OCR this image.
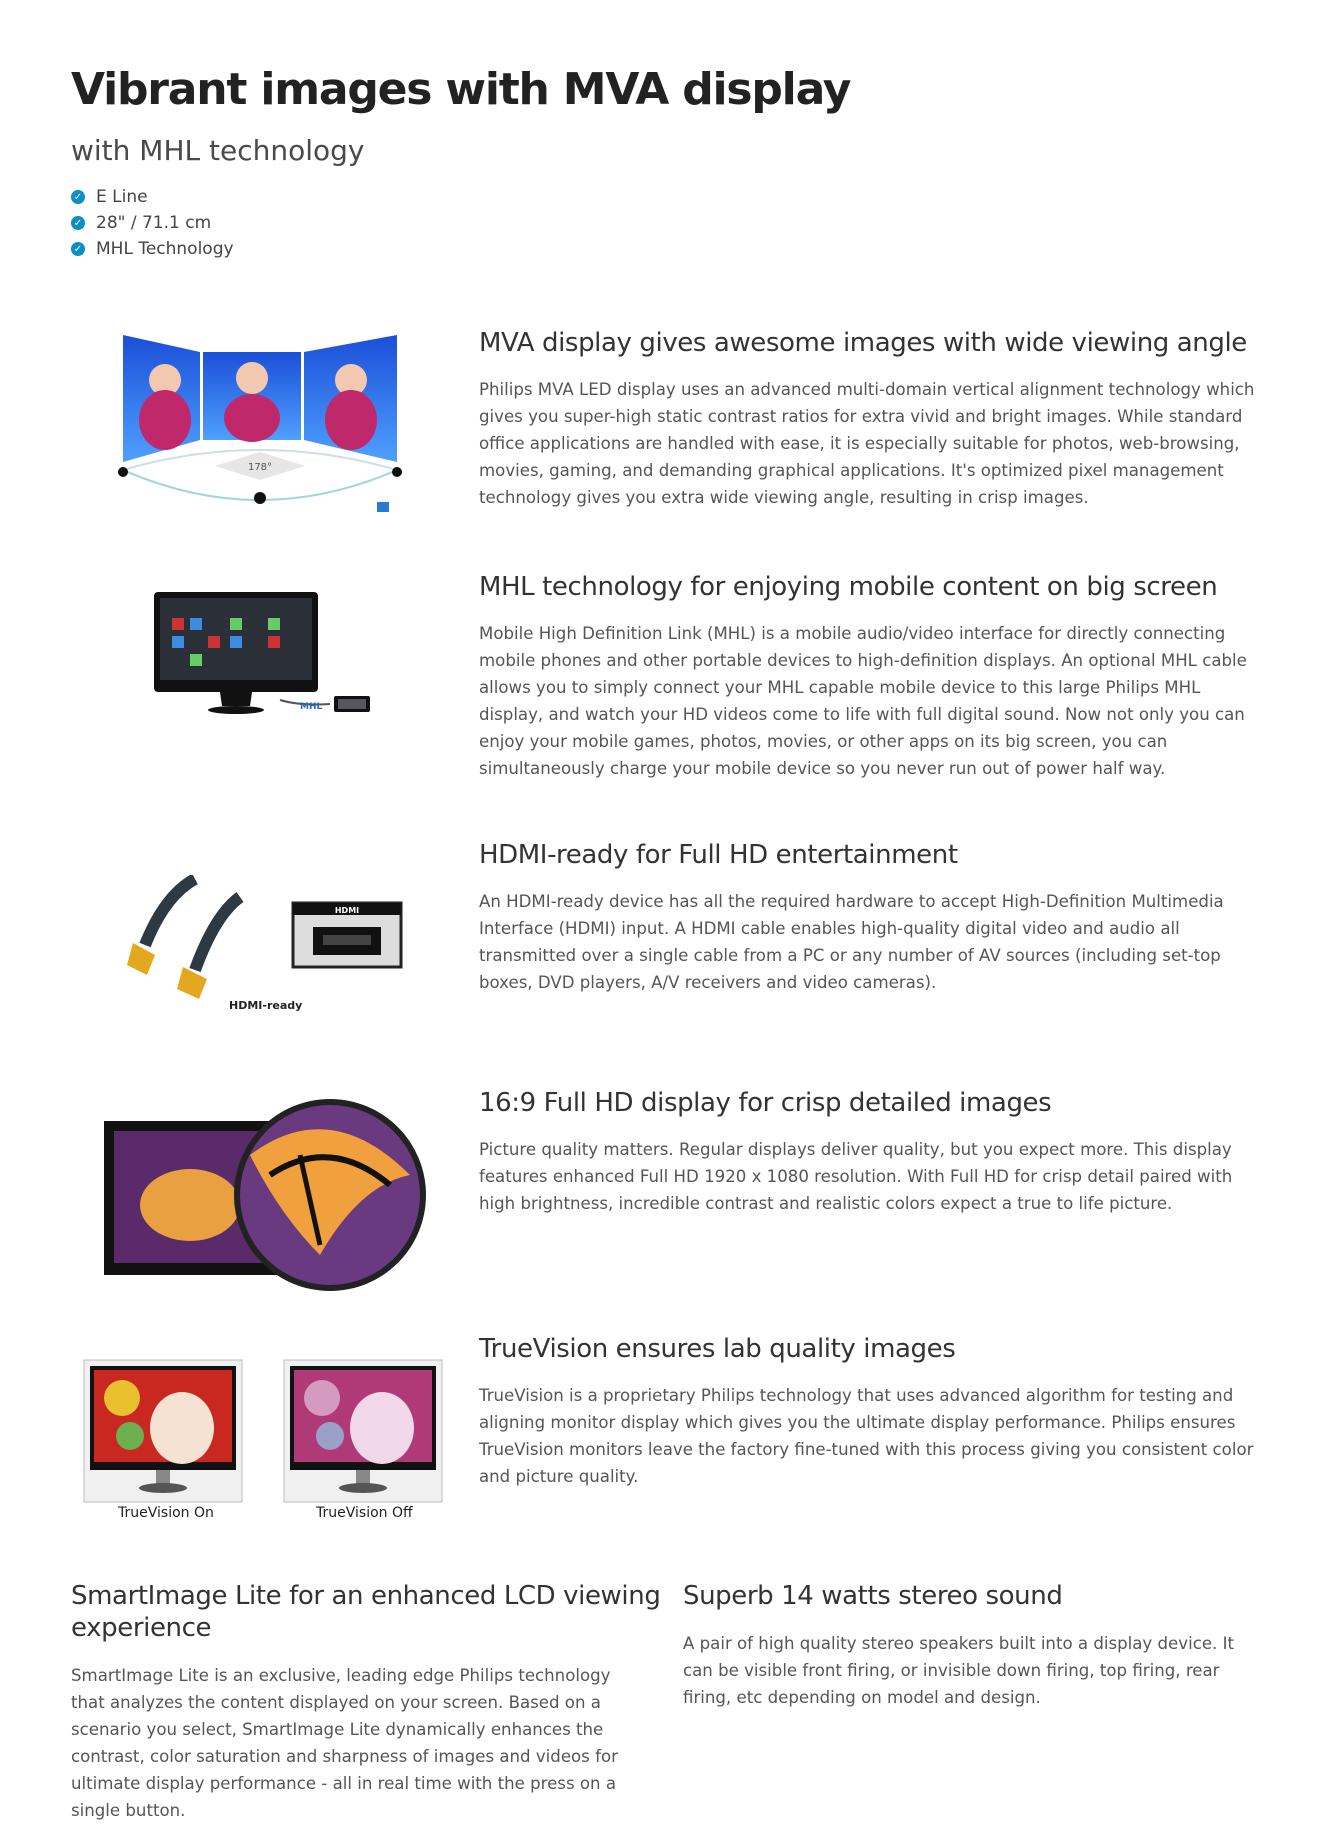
Vibrant images with MVA display
with MHL technology
✓ E Line
✓ 28" / 71.1 cm
✓ MHL Technology
178°
MVA display gives awesome images with wide viewing angle

Philips MVA LED display uses an advanced multi-domain vertical alignment technology which gives you super-high static contrast ratios for extra vivid and bright images. While standard office applications are handled with ease, it is especially suitable for photos, web-browsing, movies, gaming, and demanding graphical applications. It's optimized pixel management technology gives you extra wide viewing angle, resulting in crisp images.

MHL
MHL technology for enjoying mobile content on big screen

Mobile High Definition Link (MHL) is a mobile audio/video interface for directly connecting mobile phones and other portable devices to high-definition displays. An optional MHL cable allows you to simply connect your MHL capable mobile device to this large Philips MHL display, and watch your HD videos come to life with full digital sound. Now not only you can enjoy your mobile games, photos, movies, or other apps on its big screen, you can simultaneously charge your mobile device so you never run out of power half way.

HDMI
HDMI-ready
HDMI-ready for Full HD entertainment

An HDMI-ready device has all the required hardware to accept High-Definition Multimedia Interface (HDMI) input. A HDMI cable enables high-quality digital video and audio all transmitted over a single cable from a PC or any number of AV sources (including set-top boxes, DVD players, A/V receivers and video cameras).

16:9 Full HD display for crisp detailed images

Picture quality matters. Regular displays deliver quality, but you expect more. This display features enhanced Full HD 1920 x 1080 resolution. With Full HD for crisp detail paired with high brightness, incredible contrast and realistic colors expect a true to life picture.

TrueVision On	TrueVision Off
TrueVision ensures lab quality images

TrueVision is a proprietary Philips technology that uses advanced algorithm for testing and aligning monitor display which gives you the ultimate display performance. Philips ensures TrueVision monitors leave the factory fine-tuned with this process giving you consistent color and picture quality.

SmartImage Lite for an enhanced LCD viewing
experience

SmartImage Lite is an exclusive, leading edge Philips technology that analyzes the content displayed on your screen. Based on a scenario you select, SmartImage Lite dynamically enhances the contrast, color saturation and sharpness of images and videos for ultimate display performance - all in real time with the press on a single button.

Superb 14 watts stereo sound

A pair of high quality stereo speakers built into a display device. It can be visible front firing, or invisible down firing, top firing, rear firing, etc depending on model and design.
